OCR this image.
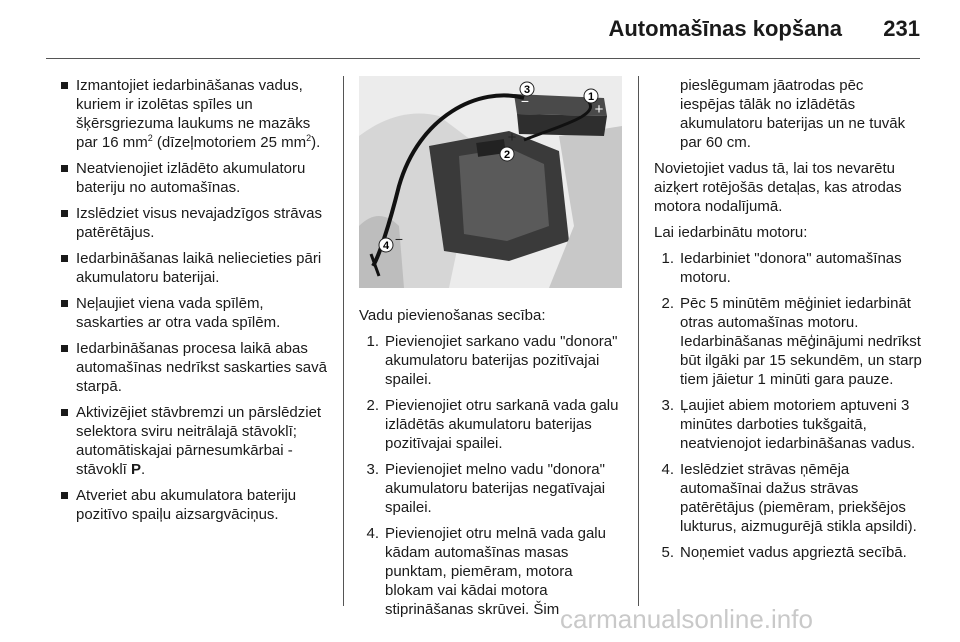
Automašīnas kopšana 231
Izmantojiet iedarbināšanas vadus, kuriem ir izolētas spīles un šķērsgriezuma laukums ne mazāks par 16 $mm^2$ (dīzeļmotoriem 25 $mm^2$).
Neatvienojiet izlādēto akumulatoru bateriju no automašīnas.
Izslēdziet visus nevajadzīgos strāvas patērētājus.
Iedarbināšanas laikā neliecieties pāri akumulatoru baterijai.
Neļaujiet viena vada spīlēm, saskarties ar otra vada spīlēm.
Iedarbināšanas procesa laikā abas automašīnas nedrīkst saskarties savā starpā.
Aktivizējiet stāvbremzi un pārslēdziet selektora sviru neitrālajā stāvoklī; automātiskajai pārnesumkārbai - stāvoklī P.
Atveriet abu akumulatora bateriju pozitīvo spaiļu aizsargvāciņus.
3
−	1
+
2
+
4 −
Vadu pievienošanas secība:
1. Pievienojiet sarkano vadu "donora" akumulatoru baterijas pozitīvajai spailei.
2. Pievienojiet otru sarkanā vada galu izlādētās akumulatoru baterijas pozitīvajai spailei.
3. Pievienojiet melno vadu "donora" akumulatoru baterijas negatīvajai spailei.
4. Pievienojiet otru melnā vada galu kādam automašīnas masas punktam, piemēram, motora blokam vai kādai motora stiprināšanas skrūvei. Šim
pieslēgumam jāatrodas pēc iespējas tālāk no izlādētās akumulatoru baterijas un ne tuvāk par 60 cm.
Novietojiet vadus tā, lai tos nevarētu aizķert rotējošās detaļas, kas atrodas motora nodalījumā.
Lai iedarbinātu motoru:
1. Iedarbiniet "donora" automašīnas motoru.
2. Pēc 5 minūtēm mēģiniet iedarbināt otras automašīnas motoru. Iedarbināšanas mēģinājumi nedrīkst būt ilgāki par 15 sekundēm, un starp tiem jāietur 1 minūti gara pauze.
3. Ļaujiet abiem motoriem aptuveni 3 minūtes darboties tukšgaitā, neatvienojot iedarbināšanas vadus.
4. Ieslēdziet strāvas ņēmēja automašīnai dažus strāvas patērētājus (piemēram, priekšējos lukturus, aizmugurējā stikla apsildi).
5. Noņemiet vadus apgrieztā secībā.
carmanualsonline.info
